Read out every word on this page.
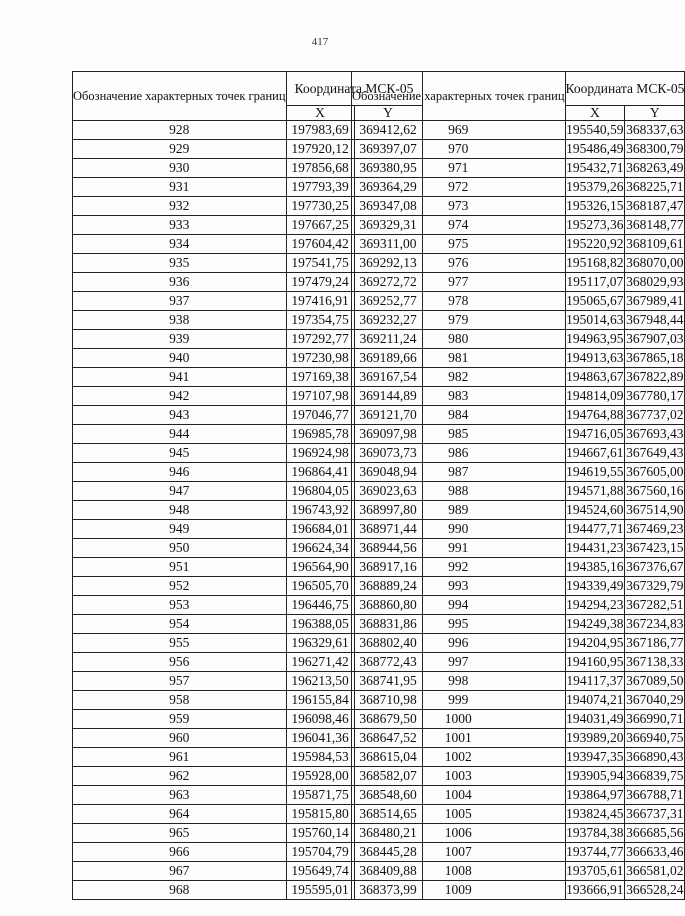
417
Обозначение характерных точек границ	Координата МСК-05	
	X	Y
928	197983,69	369412,62
929	197920,12	369397,07
930	197856,68	369380,95
931	197793,39	369364,29
932	197730,25	369347,08
933	197667,25	369329,31
934	197604,42	369311,00
935	197541,75	369292,13
936	197479,24	369272,72
937	197416,91	369252,77
938	197354,75	369232,27
939	197292,77	369211,24
940	197230,98	369189,66
941	197169,38	369167,54
942	197107,98	369144,89
943	197046,77	369121,70
944	196985,78	369097,98
945	196924,98	369073,73
946	196864,41	369048,94
947	196804,05	369023,63
948	196743,92	368997,80
949	196684,01	368971,44
950	196624,34	368944,56
951	196564,90	368917,16
952	196505,70	368889,24
953	196446,75	368860,80
954	196388,05	368831,86
955	196329,61	368802,40
956	196271,42	368772,43
957	196213,50	368741,95
958	196155,84	368710,98
959	196098,46	368679,50
960	196041,36	368647,52
961	195984,53	368615,04
962	195928,00	368582,07
963	195871,75	368548,60
964	195815,80	368514,65
965	195760,14	368480,21
966	195704,79	368445,28
967	195649,74	368409,88
968	195595,01	368373,99
Обозначение характерных точек границ	Координата МСК-05	
	X	Y
969	195540,59	368337,63
970	195486,49	368300,79
971	195432,71	368263,49
972	195379,26	368225,71
973	195326,15	368187,47
974	195273,36	368148,77
975	195220,92	368109,61
976	195168,82	368070,00
977	195117,07	368029,93
978	195065,67	367989,41
979	195014,63	367948,44
980	194963,95	367907,03
981	194913,63	367865,18
982	194863,67	367822,89
983	194814,09	367780,17
984	194764,88	367737,02
985	194716,05	367693,43
986	194667,61	367649,43
987	194619,55	367605,00
988	194571,88	367560,16
989	194524,60	367514,90
990	194477,71	367469,23
991	194431,23	367423,15
992	194385,16	367376,67
993	194339,49	367329,79
994	194294,23	367282,51
995	194249,38	367234,83
996	194204,95	367186,77
997	194160,95	367138,33
998	194117,37	367089,50
999	194074,21	367040,29
1000	194031,49	366990,71
1001	193989,20	366940,75
1002	193947,35	366890,43
1003	193905,94	366839,75
1004	193864,97	366788,71
1005	193824,45	366737,31
1006	193784,38	366685,56
1007	193744,77	366633,46
1008	193705,61	366581,02
1009	193666,91	366528,24
